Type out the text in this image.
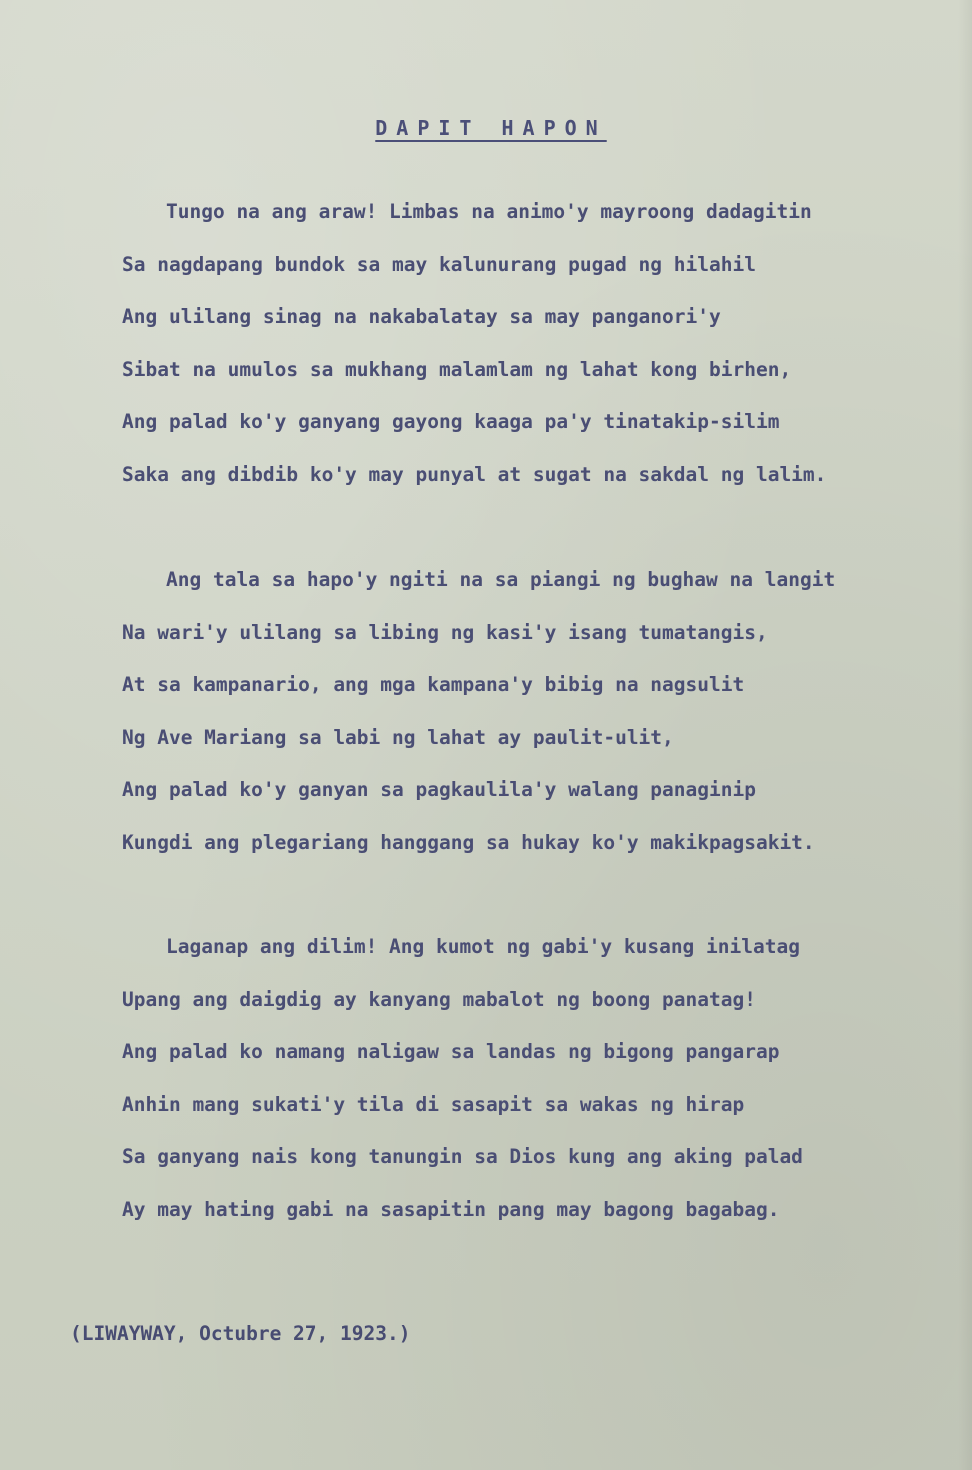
DAPIT HAPON
Tungo na ang araw! Limbas na animo'y mayroong dadagitin
Sa nagdapang bundok sa may kalunurang pugad ng hilahil
Ang ulilang sinag na nakabalatay sa may panganori'y
Sibat na umulos sa mukhang malamlam ng lahat kong birhen,
Ang palad ko'y ganyang gayong kaaga pa'y tinatakip-silim
Saka ang dibdib ko'y may punyal at sugat na sakdal ng lalim.
Ang tala sa hapo'y ngiti na sa piangi ng bughaw na langit
Na wari'y ulilang sa libing ng kasi'y isang tumatangis,
At sa kampanario, ang mga kampana'y bibig na nagsulit
Ng Ave Mariang sa labi ng lahat ay paulit-ulit,
Ang palad ko'y ganyan sa pagkaulila'y walang panaginip
Kungdi ang plegariang hanggang sa hukay ko'y makikpagsakit.
Laganap ang dilim! Ang kumot ng gabi'y kusang inilatag
Upang ang daigdig ay kanyang mabalot ng boong panatag!
Ang palad ko namang naligaw sa landas ng bigong pangarap
Anhin mang sukati'y tila di sasapit sa wakas ng hirap
Sa ganyang nais kong tanungin sa Dios kung ang aking palad
Ay may hating gabi na sasapitin pang may bagong bagabag.
(LIWAYWAY, Octubre 27, 1923.)
